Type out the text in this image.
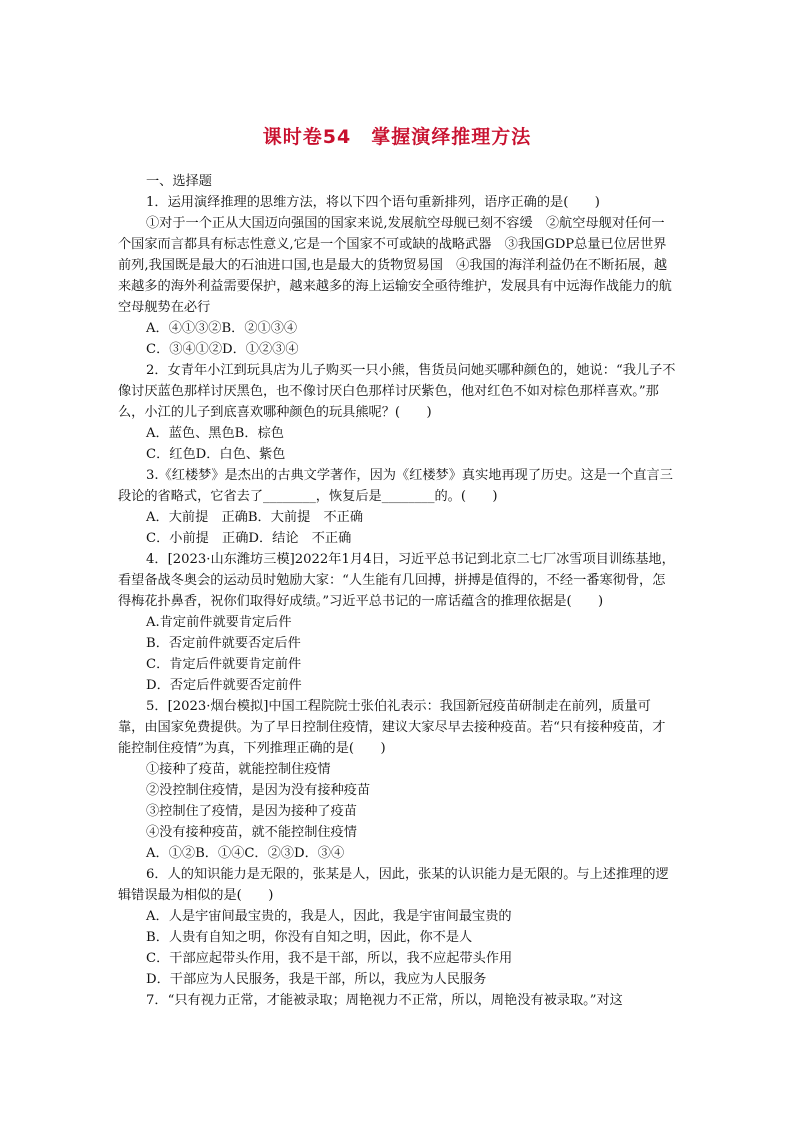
课时卷54　掌握演绎推理方法

一、选择题

1．运用演绎推理的思维方法，将以下四个语句重新排列，语序正确的是(　　)

①对于一个正从大国迈向强国的国家来说,发展航空母舰已刻不容缓　②航空母舰对任何一个国家而言都具有标志性意义,它是一个国家不可或缺的战略武器　③我国GDP总量已位居世界前列,我国既是最大的石油进口国,也是最大的货物贸易国　④我国的海洋利益仍在不断拓展，越来越多的海外利益需要保护，越来越多的海上运输安全亟待维护，发展具有中远海作战能力的航空母舰势在必行

A．④①③②B．②①③④

C．③④①②D．①②③④

2．女青年小江到玩具店为儿子购买一只小熊，售货员问她买哪种颜色的，她说：“我儿子不像讨厌蓝色那样讨厌黑色，也不像讨厌白色那样讨厌紫色，他对红色不如对棕色那样喜欢。”那么，小江的儿子到底喜欢哪种颜色的玩具熊呢？(　　)

A．蓝色、黑色B．棕色

C．红色D．白色、紫色

3.《红楼梦》是杰出的古典文学著作，因为《红楼梦》真实地再现了历史。这是一个直言三段论的省略式，它省去了________，恢复后是________的。(　　)

A．大前提　正确B．大前提　不正确

C．小前提　正确D．结论　不正确

4．[2023·山东潍坊三模]2022年1月4日，习近平总书记到北京二七厂冰雪项目训练基地，看望备战冬奥会的运动员时勉励大家：“人生能有几回搏，拼搏是值得的，不经一番寒彻骨，怎得梅花扑鼻香，祝你们取得好成绩。”习近平总书记的一席话蕴含的推理依据是(　　)

A.肯定前件就要肯定后件

B．否定前件就要否定后件

C．肯定后件就要肯定前件

D．否定后件就要否定前件

5．[2023·烟台模拟]中国工程院院士张伯礼表示：我国新冠疫苗研制走在前列，质量可靠，由国家免费提供。为了早日控制住疫情，建议大家尽早去接种疫苗。若“只有接种疫苗，才能控制住疫情”为真，下列推理正确的是(　　)

①接种了疫苗，就能控制住疫情

②没控制住疫情，是因为没有接种疫苗

③控制住了疫情，是因为接种了疫苗

④没有接种疫苗，就不能控制住疫情

A．①②B．①④C．②③D．③④

6．人的知识能力是无限的，张某是人，因此，张某的认识能力是无限的。与上述推理的逻辑错误最为相似的是(　　)

A．人是宇宙间最宝贵的，我是人，因此，我是宇宙间最宝贵的

B．人贵有自知之明，你没有自知之明，因此，你不是人

C．干部应起带头作用，我不是干部，所以，我不应起带头作用

D．干部应为人民服务，我是干部，所以，我应为人民服务

7．“只有视力正常，才能被录取；周艳视力不正常，所以，周艳没有被录取。”对这
